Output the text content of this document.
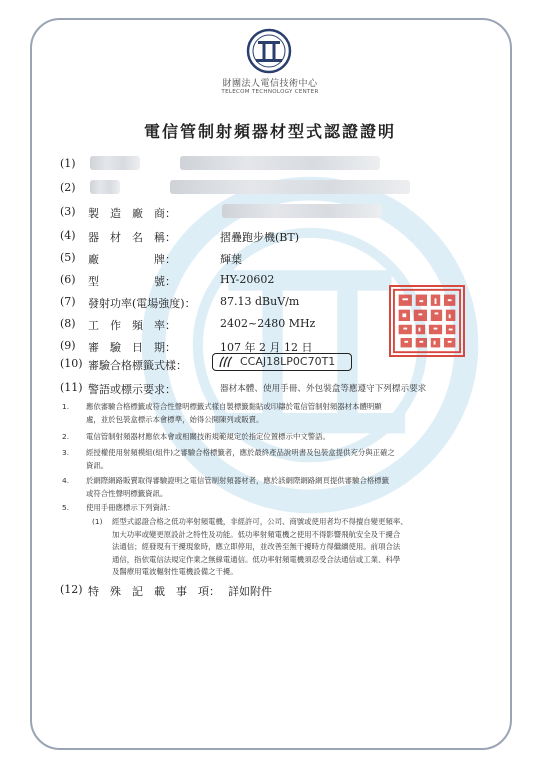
財團法人電信技術中心
TELECOM TECHNOLOGY CENTER
電信管制射頻器材型式認證證明
(1)
(2)
(3) 製　造　廠　商：
(4) 器　材　名　稱：	摺疊跑步機(BT)
(5) 廠　　　　　牌：	輝葉
(6) 型　　　　　號：	HY-20602
(7) 發射功率(電場強度)： 87.13 dBuV/m
(8) 工　作　頻　率：	2402~2480 MHz
(9) 審　驗　日　期：	107 年 2 月 12 日
(10) 審驗合格標籤式樣：	CCAJ18LP0C70T1
(11) 警語或標示要求：	器材本體、使用手冊、外包裝盒等應遵守下列標示要求
1. 應依審驗合格標籤或符合性聲明標籤式樣自製標籤黏貼或印鑄於電信管制射頻器材本體明顯
處，並於包裝盒標示本會標準，始得公開陳列或販賣。
2. 電信管制射頻器材應依本會或相關技術規範規定於指定位置標示中文警語。
3. 經授權使用射頻模組(組件)之審驗合格標籤者，應於最終產品說明書及包裝盒提供充分與正確之
資訊。
4. 於網際網路販賣取得審驗證明之電信管制射頻器材者，應於該網際網路網頁提供審驗合格標籤
或符合性聲明標籤資訊。
5. 使用手冊應標示下列資訊：
(1) 經型式認證合格之低功率射頻電機，非經許可，公司、商號或使用者均不得擅自變更頻率、
加大功率或變更原設計之特性及功能。低功率射頻電機之使用不得影響飛航安全及干擾合
法通信；經發現有干擾現象時，應立即停用，並改善至無干擾時方得繼續使用。前項合法
通信，指依電信法規定作業之無線電通信。低功率射頻電機須忍受合法通信或工業、科學
及醫療用電波輻射性電機設備之干擾。
(12) 特　殊　記　載　事　項： 詳如附件
